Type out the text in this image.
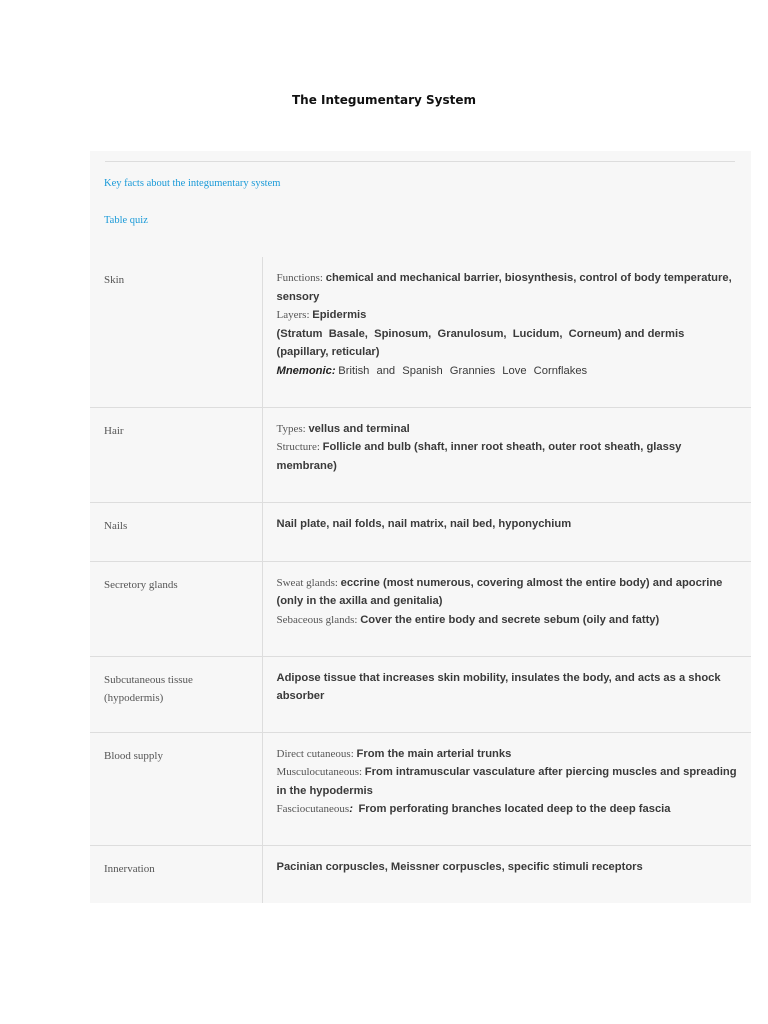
The Integumentary System
Key facts about the integumentary system
Table quiz
Skin	Functions: chemical and mechanical barrier, biosynthesis, control of body temperature, sensory
Layers: Epidermis
(Stratum  Basale,  Spinosum,  Granulosum,  Lucidum,  Corneum) and dermis (papillary, reticular)
Mnemonic: British and Spanish Grannies Love Cornflakes

Hair	Types: vellus and terminal
Structure: Follicle and bulb (shaft, inner root sheath, outer root sheath, glassy membrane)

Nails	Nail plate, nail folds, nail matrix, nail bed, hyponychium

Secretory glands	Sweat glands: eccrine (most numerous, covering almost the entire body) and apocrine (only in the axilla and genitalia)
Sebaceous glands: Cover the entire body and secrete sebum (oily and fatty)

Subcutaneous tissue (hypodermis)	Adipose tissue that increases skin mobility, insulates the body, and acts as a shock absorber

Blood supply	Direct cutaneous: From the main arterial trunks
Musculocutaneous: From intramuscular vasculature after piercing muscles and spreading in the hypodermis
Fasciocutaneous: From perforating branches located deep to the deep fascia

Innervation	Pacinian corpuscles, Meissner corpuscles, specific stimuli receptors
